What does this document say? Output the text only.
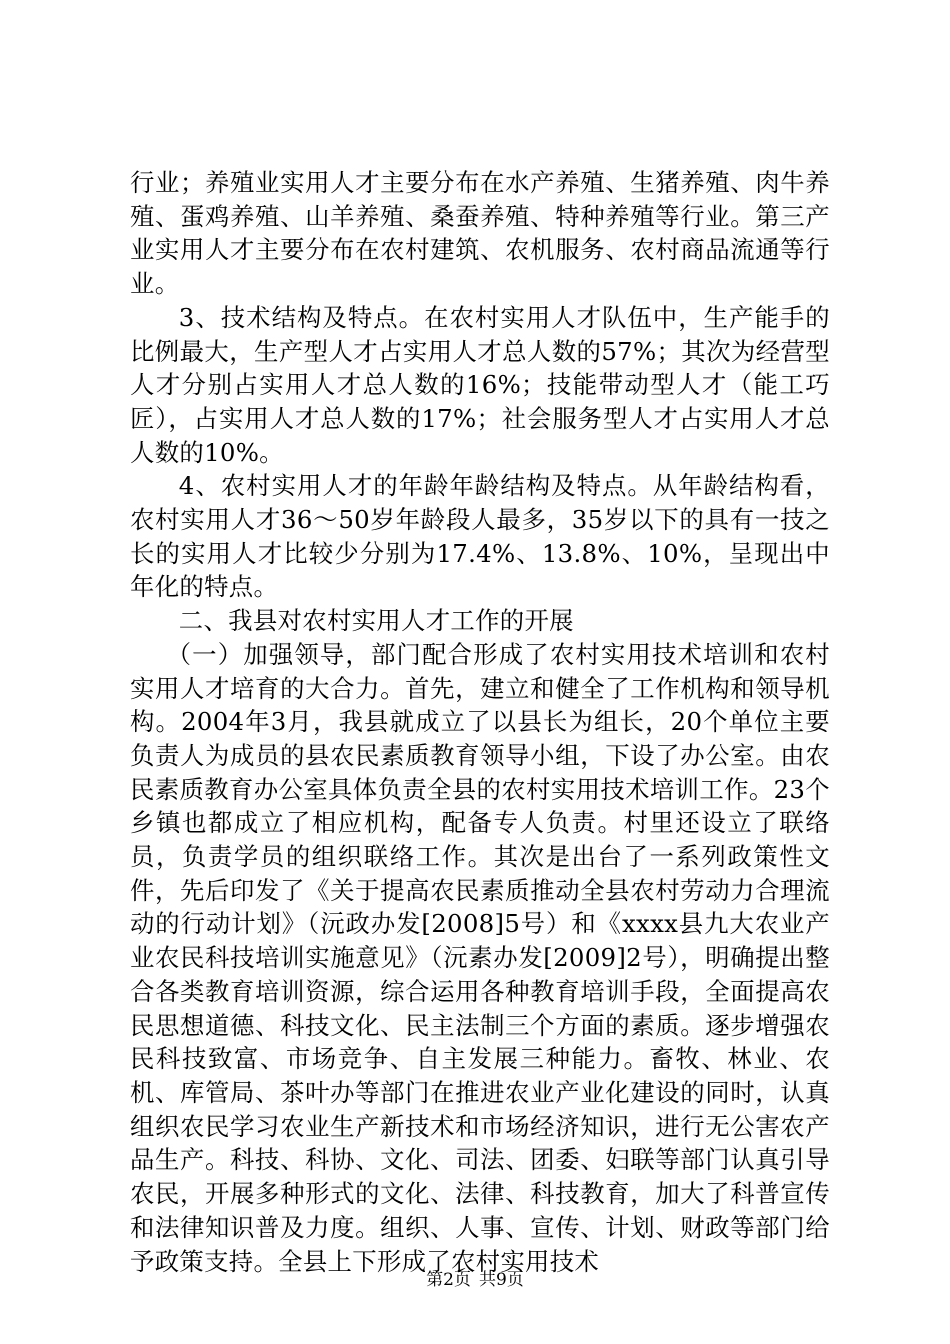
行业；养殖业实用人才主要分布在水产养殖、生猪养殖、肉牛养殖、蛋鸡养殖、山羊养殖、桑蚕养殖、特种养殖等行业。第三产业实用人才主要分布在农村建筑、农机服务、农村商品流通等行业。

3、技术结构及特点。在农村实用人才队伍中，生产能手的比例最大，生产型人才占实用人才总人数的57%；其次为经营型人才分别占实用人才总人数的16%；技能带动型人才（能工巧匠），占实用人才总人数的17%；社会服务型人才占实用人才总人数的10%。

4、农村实用人才的年龄年龄结构及特点。从年龄结构看，农村实用人才36～50岁年龄段人最多，35岁以下的具有一技之长的实用人才比较少分别为17.4%、13.8%、10%，呈现出中年化的特点。

二、我县对农村实用人才工作的开展

（一）加强领导，部门配合形成了农村实用技术培训和农村实用人才培育的大合力。首先，建立和健全了工作机构和领导机构。2004年3月，我县就成立了以县长为组长，20个单位主要负责人为成员的县农民素质教育领导小组，下设了办公室。由农民素质教育办公室具体负责全县的农村实用技术培训工作。23个乡镇也都成立了相应机构，配备专人负责。村里还设立了联络员，负责学员的组织联络工作。其次是出台了一系列政策性文件，先后印发了《关于提高农民素质推动全县农村劳动力合理流动的行动计划》（沅政办发[2008]5号）和《xxxx县九大农业产业农民科技培训实施意见》（沅素办发[2009]2号），明确提出整合各类教育培训资源，综合运用各种教育培训手段，全面提高农民思想道德、科技文化、民主法制三个方面的素质。逐步增强农民科技致富、市场竞争、自主发展三种能力。畜牧、林业、农机、库管局、茶叶办等部门在推进农业产业化建设的同时，认真组织农民学习农业生产新技术和市场经济知识，进行无公害农产品生产。科技、科协、文化、司法、团委、妇联等部门认真引导农民，开展多种形式的文化、法律、科技教育，加大了科普宣传和法律知识普及力度。组织、人事、宣传、计划、财政等部门给予政策支持。全县上下形成了农村实用技术

第2页 共9页
